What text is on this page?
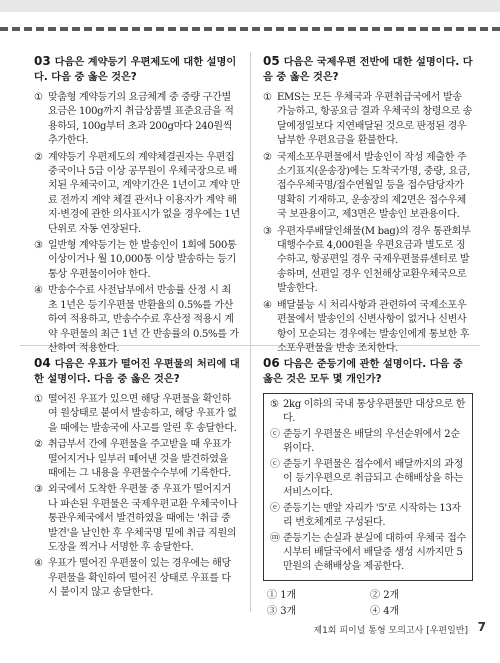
03 다음은 계약등기 우편제도에 대한 설명이다. 다음 중 옳은 것은?
① 맞춤형 계약등기의 요금체계 중 중량 구간별 요금은 100g까지 취급상품별 표준요금을 적용하되, 100g부터 초과 200g마다 240원씩 추가한다.
② 계약등기 우편제도의 계약체결권자는 우편집중국이나 5급 이상 공무원이 우체국장으로 배치된 우체국이고, 계약기간은 1년이고 계약 만료 전까지 계약 체결 관서나 이용자가 계약 해지·변경에 관한 의사표시가 없을 경우에는 1년 단위로 자동 연장된다.
③ 일반형 계약등기는 한 발송인이 1회에 500통 이상이거나 월 10,000통 이상 발송하는 등기통상 우편물이어야 한다.
④ 반송수수료 사전납부에서 반송률 산정 시 최초 1년은 등기우편물 반환율의 0.5%를 가산하여 적용하고, 반송수수료 후산정 적용시 계약 우편물의 최근 1년 간 반송률의 0.5%를 가산하여 적용한다.
05 다음은 국제우편 전반에 대한 설명이다. 다음 중 옳은 것은?
① EMS는 모든 우체국과 우편취급국에서 발송 가능하고, 항공요금 결과 우체국의 창령으로 송달예정일보다 지연배달된 것으로 판정된 경우 납부한 우편요금을 환불한다.
② 국제소포우편물에서 발송인이 작성 제출한 주소기표지(운송장)에는 도착국가명, 중량, 요금, 접수우체국명/접수연월일 등을 접수담당자가 명확히 기재하고, 운송장의 제2면은 접수우체국 보관용이고, 제3면은 발송인 보관용이다.
③ 우편자루배달인쇄물(M bag)의 경우 통관회부대행수수료 4,000원을 우편요금과 별도로 징수하고, 항공편일 경우 국제우편물류센터로 발송하며, 선편일 경우 인천해상교환우체국으로 발송한다.
④ 배달불능 시 처리사항과 관련하여 국제소포우편물에서 발송인의 신변사항이 없거나 신변사항이 모순되는 경우에는 발송인에게 통보한 후 소포우편물을 반송 조치한다.
04 다음은 우표가 떨어진 우편물의 처리에 대한 설명이다. 다음 중 옳은 것은?
① 떨어진 우표가 있으면 해당 우편물을 확인하여 원상태로 붙여서 발송하고, 해당 우표가 없을 때에는 발송국에 사고를 알린 후 송달한다.
② 취급부서 간에 우편물을 주고받을 때 우표가 떨어지거나 일부러 떼어낸 것을 발견하였을 때에는 그 내용을 우편물수수부에 기록한다.
③ 외국에서 도착한 우편물 중 우표가 떨어지거나 파손된 우편물은 국제우편교환 우체국이나 통관우체국에서 발견하였을 때에는 '취급 중 발견'을 날인한 후 우체국명 밑에 취급 직원의 도장을 찍거나 서명한 후 송달한다.
④ 우표가 떨어진 우편물이 있는 경우에는 해당 우편물을 확인하여 떨어진 상태로 우표를 다시 붙이지 않고 송달한다.
06 다음은 준등기에 관한 설명이다. 다음 중 옳은 것은 모두 몇 개인가?
⑤ 2kg 이하의 국내 통상우편물만 대상으로 한다.
ⓒ 준등기 우편물은 배달의 우선순위에서 2순위이다.
ⓒ 준등기 우편물은 접수에서 배달까지의 과정이 등기우편으로 취급되고 손해배상을 하는 서비스이다.
ⓔ 준등기는 맨앞 자리가 '5'로 시작하는 13자리 번호체계로 구성된다.
ⓜ 준등기는 손실과 분실에 대하여 우체국 접수 시부터 배달국에서 배달증 생성 시까지만 5만원의 손해배상을 제공한다.
① 1개	② 2개
③ 3개	④ 4개
제1회 피이널 통형 모의고사 [우편일반] 7
